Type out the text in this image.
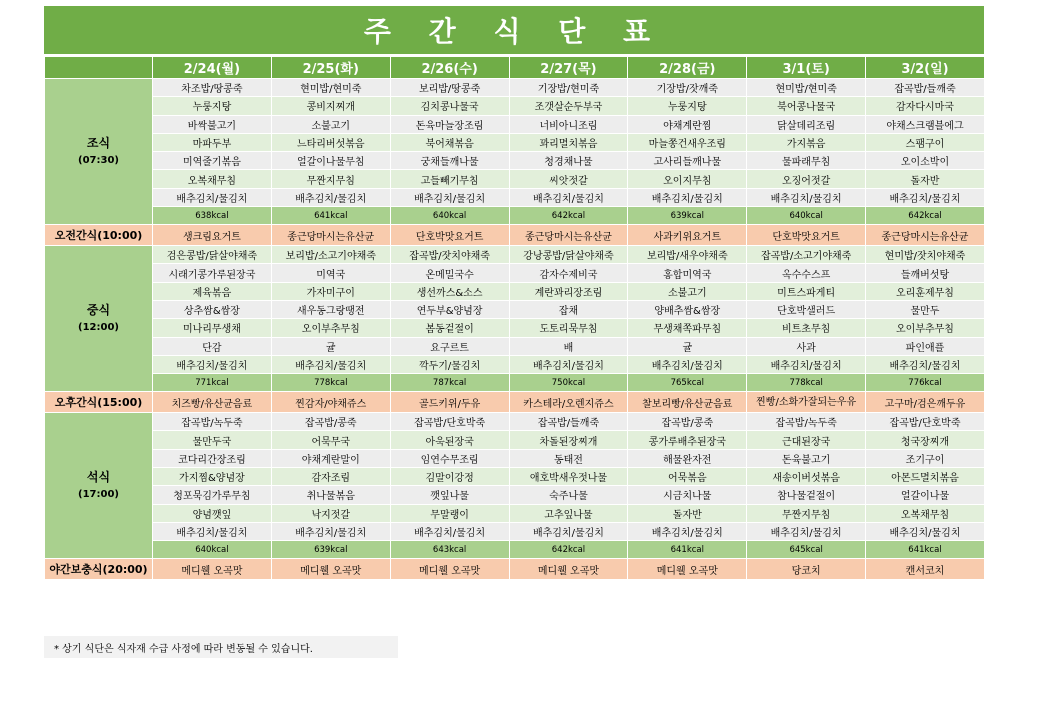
주 간 식 단 표
	2/24(월)	2/25(화)	2/26(수)	2/27(목)	2/28(금)	3/1(토)	3/2(일)

조식
(07:30)	차조밥/땅콩죽	현미밥/현미죽	보리밥/땅콩죽	기장밥/현미죽	기장밥/잣깨죽	현미밥/현미죽	잡곡밥/들깨죽
	누룽지탕	콩비지찌개	김치콩나물국	조갯살순두부국	누룽지탕	북어콩나물국	감자다시마국
	바싹불고기	소불고기	돈육마늘장조림	너비아니조림	야채계란찜	닭살데리조림	야채스크램블에그
	마파두부	느타리버섯볶음	북어채볶음	꽈리멸치볶음	마늘쫑건새우조림	가지볶음	스팸구이
	미역줄기볶음	얼갈이나물무침	궁채들깨나물	청경채나물	고사리들깨나물	물파래무침	오이소박이
	오복채무침	무짠지무침	고들빼기무침	씨앗젓갈	오이지무침	오징어젓갈	돌자반
	배추김치/물김치	배추김치/물김치	배추김치/물김치	배추김치/물김치	배추김치/물김치	배추김치/물김치	배추김치/물김치
	638kcal	641kcal	640kcal	642kcal	639kcal	640kcal	642kcal
오전간식(10:00)	생크림요거트	종근당마시는유산균	단호박맛요거트	종근당마시는유산균	사과키위요거트	단호박맛요거트	종근당마시는유산균

중식
(12:00)	검은콩밥/닭살야채죽	보리밥/소고기야채죽	잡곡밥/잣치야채죽	강낭콩밥/닭살야채죽	보리밥/새우야채죽	잡곡밥/소고기야채죽	현미밥/잣치야채죽
	시래기콩가루된장국	미역국	온메밀국수	감자수제비국	홍합미역국	옥수수스프	들깨버섯탕
	제육볶음	가자미구이	생선까스&소스	계란꽈리장조림	소불고기	미트스파게티	오리훈제무침
	상추쌈&쌈장	새우동그랑땡전	연두부&양념장	잡채	양배추쌈&쌈장	단호박샐러드	물만두
	미나리무생채	오이부추무침	봄동겉절이	도토리묵무침	무생채쪽파무침	비트초무침	오이부추무침
	단감	귤	요구르트	배	귤	사과	파인애플
	배추김치/물김치	배추김치/물김치	깍두기/물김치	배추김치/물김치	배추김치/물김치	배추김치/물김치	배추김치/물김치
	771kcal	778kcal	787kcal	750kcal	765kcal	778kcal	776kcal
오후간식(15:00)	치즈빵/유산균음료	찐감자/야채쥬스	골드키위/두유	카스테라/오렌지쥬스	찰보리빵/유산균음료	찐빵/소화가잘되는우유	고구마/검은깨두유

석식
(17:00)	잡곡밥/녹두죽	잡곡밥/콩죽	잡곡밥/단호박죽	잡곡밥/들깨죽	잡곡밥/콩죽	잡곡밥/녹두죽	잡곡밥/단호박죽
	물만두국	어묵무국	아욱된장국	차돌된장찌개	콩가루배추된장국	근대된장국	청국장찌개
	코다리간장조림	야채계란말이	임연수무조림	동태전	해물완자전	돈육불고기	조기구이
	가지찜&양념장	감자조림	김말이강정	애호박새우젓나물	어묵볶음	새송이버섯볶음	아몬드멸치볶음
	청포묵김가루무침	취나물볶음	깻잎나물	숙주나물	시금치나물	참나물겉절이	얼갈이나물
	양념깻잎	낙지젓갈	무말랭이	고추잎나물	돌자반	무짠지무침	오복채무침
	배추김치/물김치	배추김치/물김치	배추김치/물김치	배추김치/물김치	배추김치/물김치	배추김치/물김치	배추김치/물김치
	640kcal	639kcal	643kcal	642kcal	641kcal	645kcal	641kcal
야간보충식(20:00)	메디웰 오곡맛	메디웰 오곡맛	메디웰 오곡맛	메디웰 오곡맛	메디웰 오곡맛	당코치	캔서코치
* 상기 식단은 식자재 수급 사정에 따라 변동될 수 있습니다.
